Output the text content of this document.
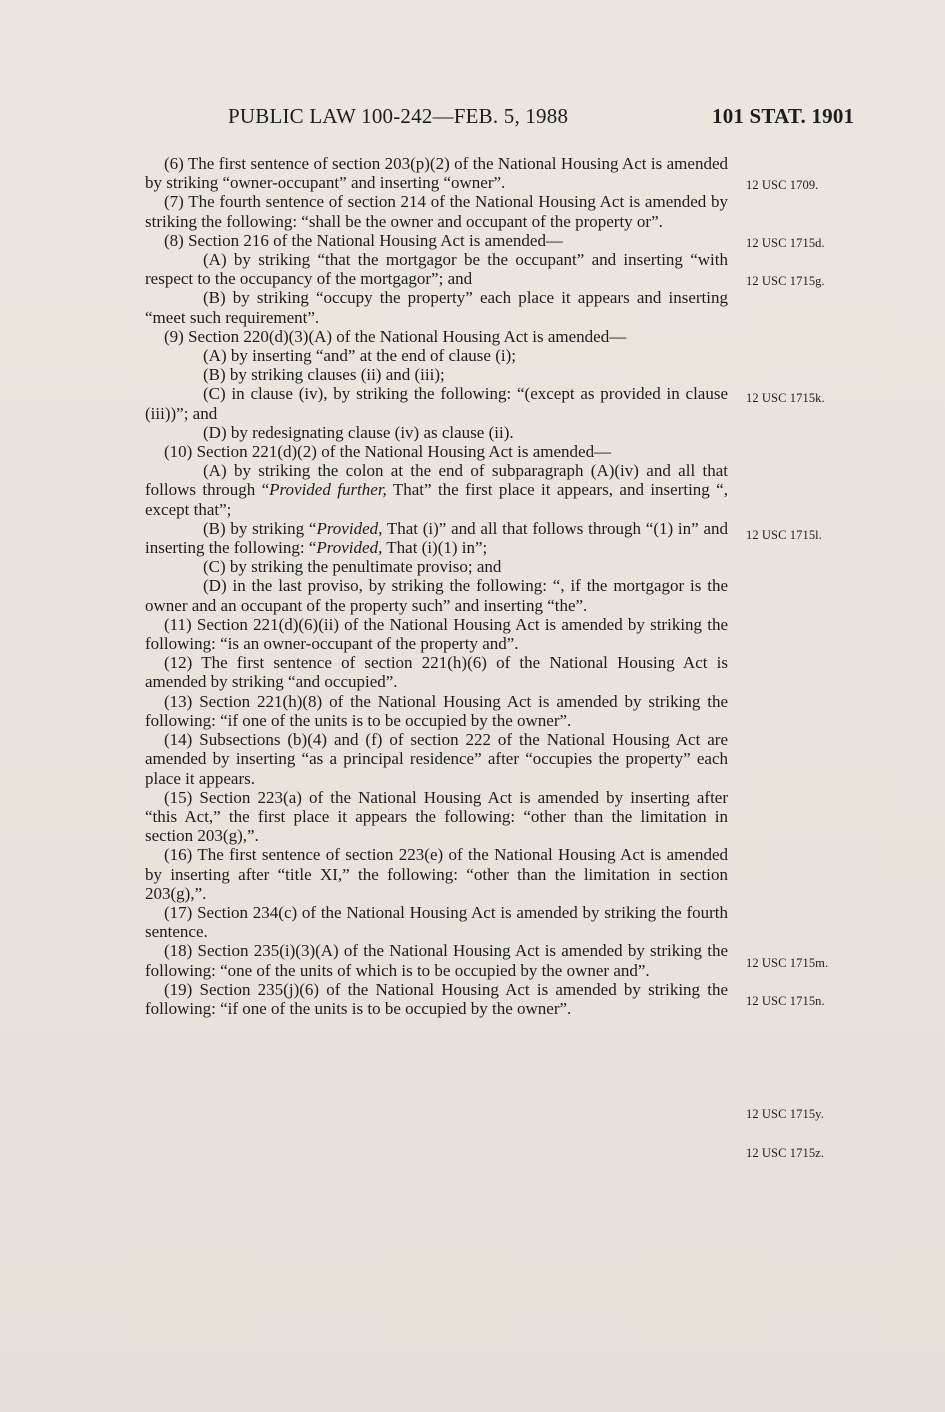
PUBLIC LAW 100-242—FEB. 5, 1988	101 STAT. 1901

(6) The first sentence of section 203(p)(2) of the National Housing Act is amended by striking “owner-occupant” and inserting “owner”.

(7) The fourth sentence of section 214 of the National Housing Act is amended by striking the following: “shall be the owner and occupant of the property or”.

(8) Section 216 of the National Housing Act is amended—

(A) by striking “that the mortgagor be the occupant” and inserting “with respect to the occupancy of the mortgagor”; and

(B) by striking “occupy the property” each place it appears and inserting “meet such requirement”.

(9) Section 220(d)(3)(A) of the National Housing Act is amended—

(A) by inserting “and” at the end of clause (i);

(B) by striking clauses (ii) and (iii);

(C) in clause (iv), by striking the following: “(except as provided in clause (iii))”; and

(D) by redesignating clause (iv) as clause (ii).

(10) Section 221(d)(2) of the National Housing Act is amended—

(A) by striking the colon at the end of subparagraph (A)(iv) and all that follows through “Provided further, That” the first place it appears, and inserting “, except that”;

(B) by striking “Provided, That (i)” and all that follows through “(1) in” and inserting the following: “Provided, That (i)(1) in”;

(C) by striking the penultimate proviso; and

(D) in the last proviso, by striking the following: “, if the mortgagor is the owner and an occupant of the property such” and inserting “the”.

(11) Section 221(d)(6)(ii) of the National Housing Act is amended by striking the following: “is an owner-occupant of the property and”.

(12) The first sentence of section 221(h)(6) of the National Housing Act is amended by striking “and occupied”.

(13) Section 221(h)(8) of the National Housing Act is amended by striking the following: “if one of the units is to be occupied by the owner”.

(14) Subsections (b)(4) and (f) of section 222 of the National Housing Act are amended by inserting “as a principal residence” after “occupies the property” each place it appears.

(15) Section 223(a) of the National Housing Act is amended by inserting after “this Act,” the first place it appears the following: “other than the limitation in section 203(g),”.

(16) The first sentence of section 223(e) of the National Housing Act is amended by inserting after “title XI,” the following: “other than the limitation in section 203(g),”.

(17) Section 234(c) of the National Housing Act is amended by striking the fourth sentence.

(18) Section 235(i)(3)(A) of the National Housing Act is amended by striking the following: “one of the units of which is to be occupied by the owner and”.

(19) Section 235(j)(6) of the National Housing Act is amended by striking the following: “if one of the units is to be occupied by the owner”.

12 USC 1709.
12 USC 1715d.
12 USC 1715g.
12 USC 1715k.
12 USC 1715l.
12 USC 1715m.
12 USC 1715n.
12 USC 1715y.
12 USC 1715z.
